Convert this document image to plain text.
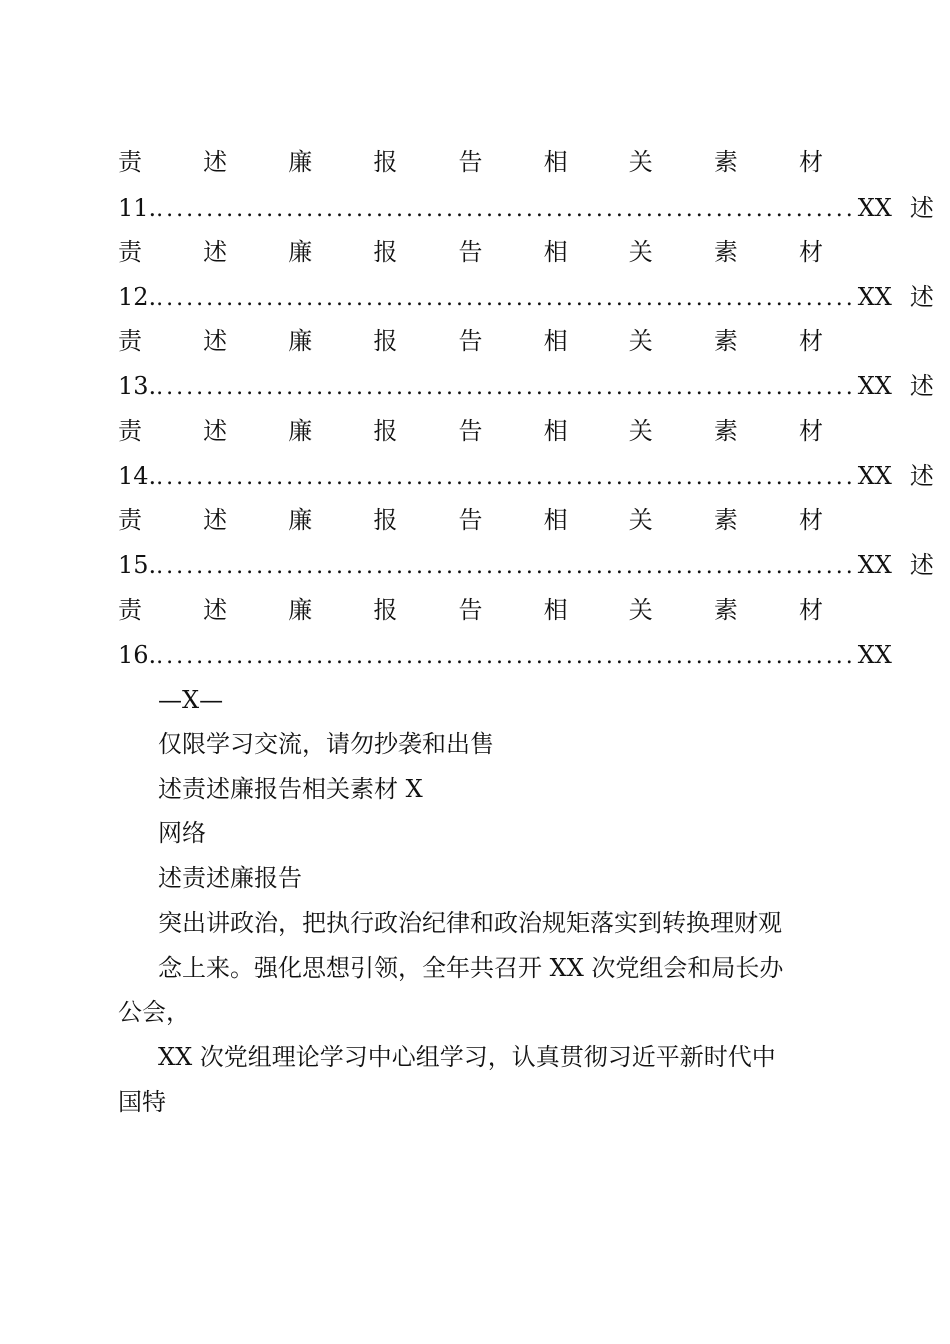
责	述	廉	报	告	相	关	素	材
11. ...................................................................... XX 述
责	述	廉	报	告	相	关	素	材
12. ...................................................................... XX 述
责	述	廉	报	告	相	关	素	材
13. ...................................................................... XX 述
责	述	廉	报	告	相	关	素	材
14. ...................................................................... XX 述
责	述	廉	报	告	相	关	素	材
15. ...................................................................... XX 述
责	述	廉	报	告	相	关	素	材
16. ...................................................................... XX
—X—
仅限学习交流，请勿抄袭和出售
述责述廉报告相关素材 X
网络
述责述廉报告
突出讲政治，把执行政治纪律和政治规矩落实到转换理财观
念上来。强化思想引领，全年共召开 XX 次党组会和局长办
公会，
XX 次党组理论学习中心组学习，认真贯彻习近平新时代中
国特
